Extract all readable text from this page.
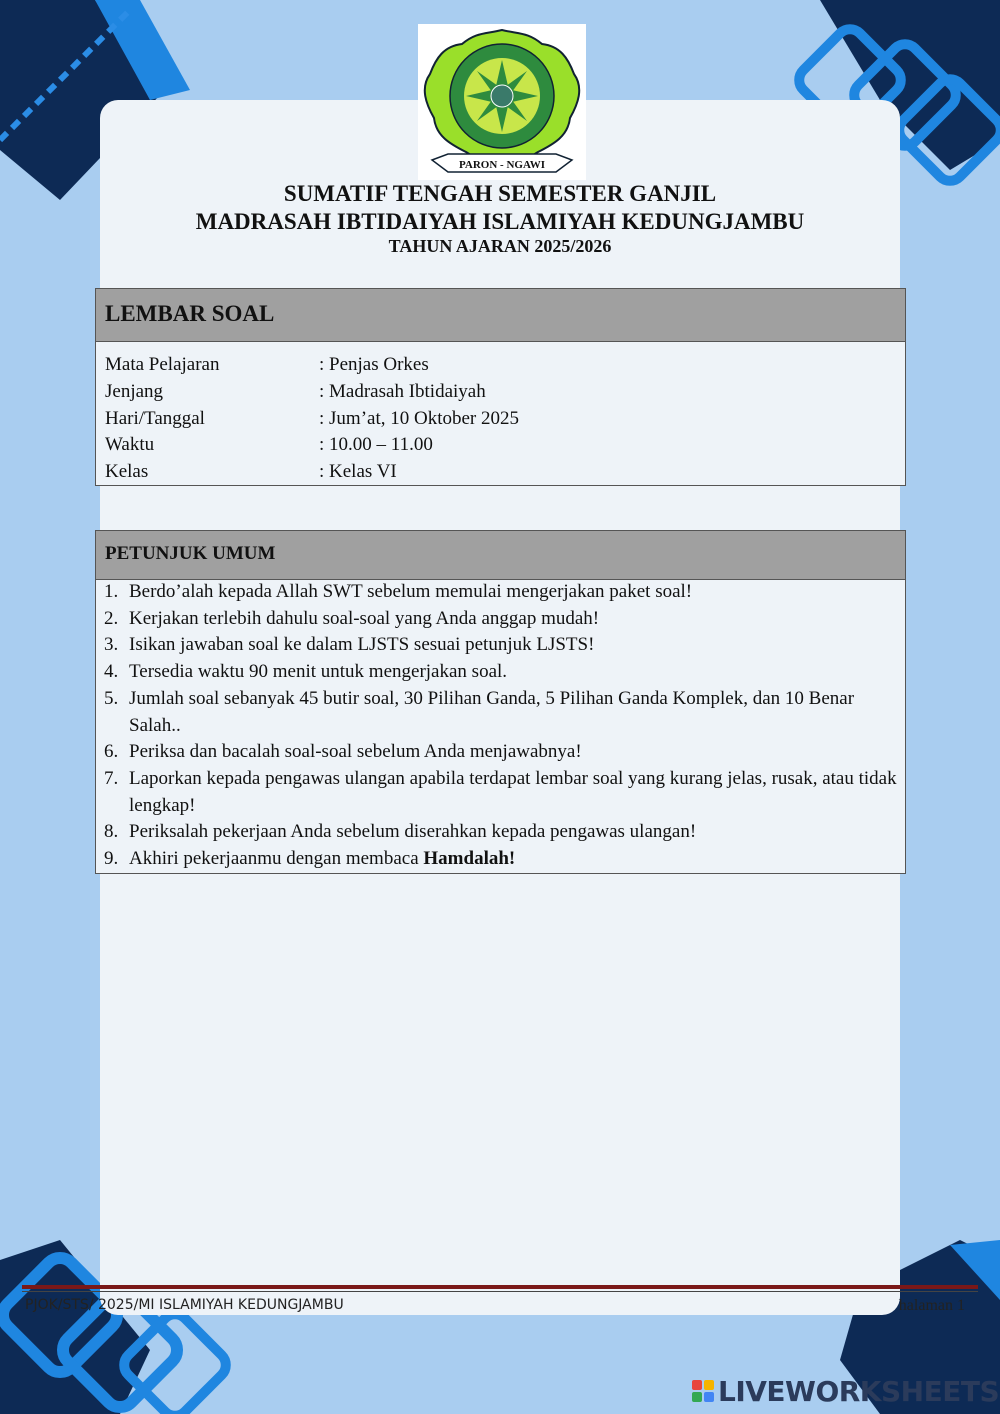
PARON - NGAWI
SUMATIF TENGAH SEMESTER GANJIL
MADRASAH IBTIDAIYAH ISLAMIYAH KEDUNGJAMBU
TAHUN AJARAN 2025/2026
LEMBAR SOAL
Mata Pelajaran	: Penjas Orkes
Jenjang	: Madrasah Ibtidaiyah
Hari/Tanggal	: Jum’at, 10 Oktober 2025
Waktu	: 10.00 – 11.00
Kelas	: Kelas VI
PETUNJUK UMUM
1. Berdo’alah kepada Allah SWT sebelum memulai mengerjakan paket soal!
2. Kerjakan terlebih dahulu soal-soal yang Anda anggap mudah!
3. Isikan jawaban soal ke dalam LJSTS sesuai petunjuk LJSTS!
4. Tersedia waktu 90 menit untuk mengerjakan soal.
5. Jumlah soal sebanyak 45 butir soal, 30 Pilihan Ganda, 5 Pilihan Ganda Komplek, dan 10 Benar Salah..
6. Periksa dan bacalah soal-soal sebelum Anda menjawabnya!
7. Laporkan kepada pengawas ulangan apabila terdapat lembar soal yang kurang jelas, rusak, atau tidak lengkap!
8. Periksalah pekerjaan Anda sebelum diserahkan kepada pengawas ulangan!
9. Akhiri pekerjaanmu dengan membaca Hamdalah!
PJOK/STS/ 2025/MI ISLAMIYAH KEDUNGJAMBU	halaman 1
LIVEWORKSHEETS
